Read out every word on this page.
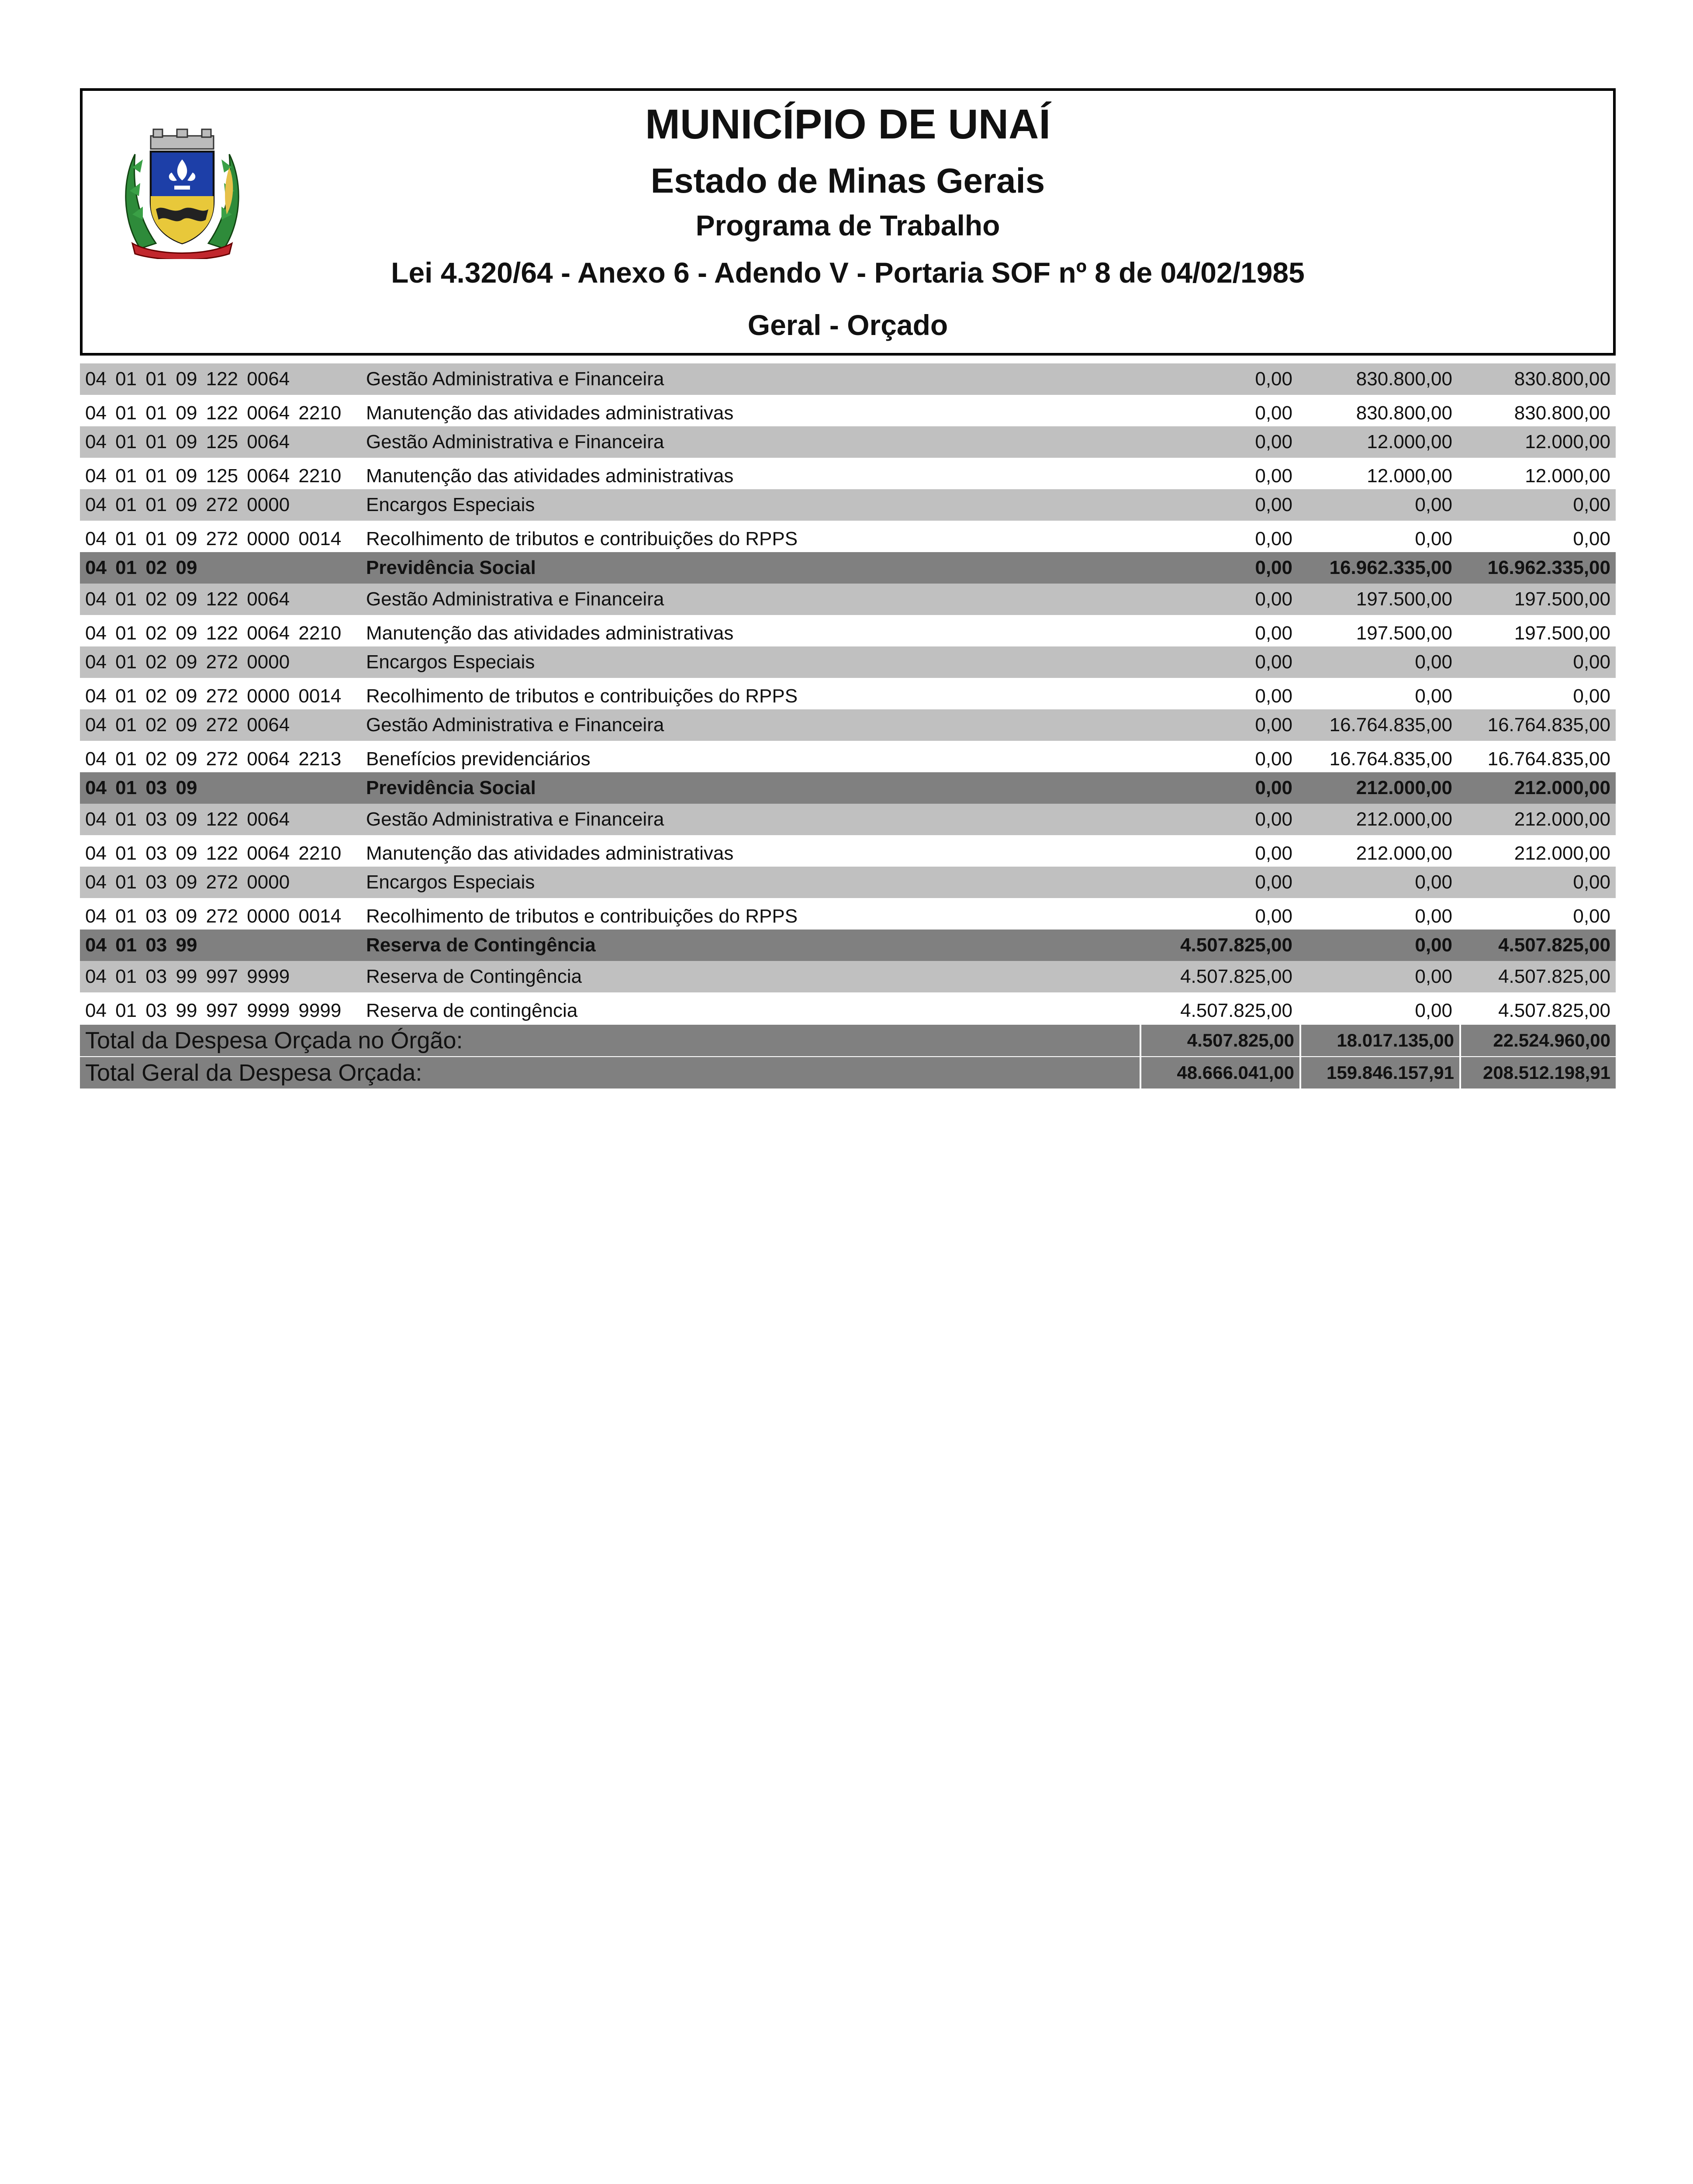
MUNICÍPIO DE UNAÍ
Estado de Minas Gerais
Programa de Trabalho
Lei 4.320/64 - Anexo 6 - Adendo V - Portaria SOF nº 8 de 04/02/1985
Geral - Orçado
04 01 01 09 122 0064	Gestão Administrativa e Financeira	0,00	830.800,00	830.800,00
04 01 01 09 122 0064 2210 Manutenção das atividades administrativas	0,00	830.800,00	830.800,00
04 01 01 09 125 0064	Gestão Administrativa e Financeira	0,00	12.000,00	12.000,00
04 01 01 09 125 0064 2210 Manutenção das atividades administrativas	0,00	12.000,00	12.000,00
04 01 01 09 272 0000	Encargos Especiais	0,00	0,00	0,00
04 01 01 09 272 0000 0014 Recolhimento de tributos e contribuições do RPPS	0,00	0,00	0,00
04 01 02 09	Previdência Social	0,00 16.962.335,00 16.962.335,00
04 01 02 09 122 0064	Gestão Administrativa e Financeira	0,00	197.500,00	197.500,00
04 01 02 09 122 0064 2210 Manutenção das atividades administrativas	0,00	197.500,00	197.500,00
04 01 02 09 272 0000	Encargos Especiais	0,00	0,00	0,00
04 01 02 09 272 0000 0014 Recolhimento de tributos e contribuições do RPPS	0,00	0,00	0,00
04 01 02 09 272 0064	Gestão Administrativa e Financeira	0,00 16.764.835,00 16.764.835,00
04 01 02 09 272 0064 2213 Benefícios previdenciários	0,00 16.764.835,00 16.764.835,00
04 01 03 09	Previdência Social	0,00	212.000,00	212.000,00
04 01 03 09 122 0064	Gestão Administrativa e Financeira	0,00	212.000,00	212.000,00
04 01 03 09 122 0064 2210 Manutenção das atividades administrativas	0,00	212.000,00	212.000,00
04 01 03 09 272 0000	Encargos Especiais	0,00	0,00	0,00
04 01 03 09 272 0000 0014 Recolhimento de tributos e contribuições do RPPS	0,00	0,00	0,00
04 01 03 99	Reserva de Contingência	4.507.825,00	0,00 4.507.825,00
04 01 03 99 997 9999	Reserva de Contingência	4.507.825,00	0,00 4.507.825,00
04 01 03 99 997 9999 9999 Reserva de contingência	4.507.825,00	0,00 4.507.825,00
Total da Despesa Orçada no Órgão:	4.507.825,00	18.017.135,00	22.524.960,00
Total Geral da Despesa Orçada:	48.666.041,00	159.846.157,91	208.512.198,91
